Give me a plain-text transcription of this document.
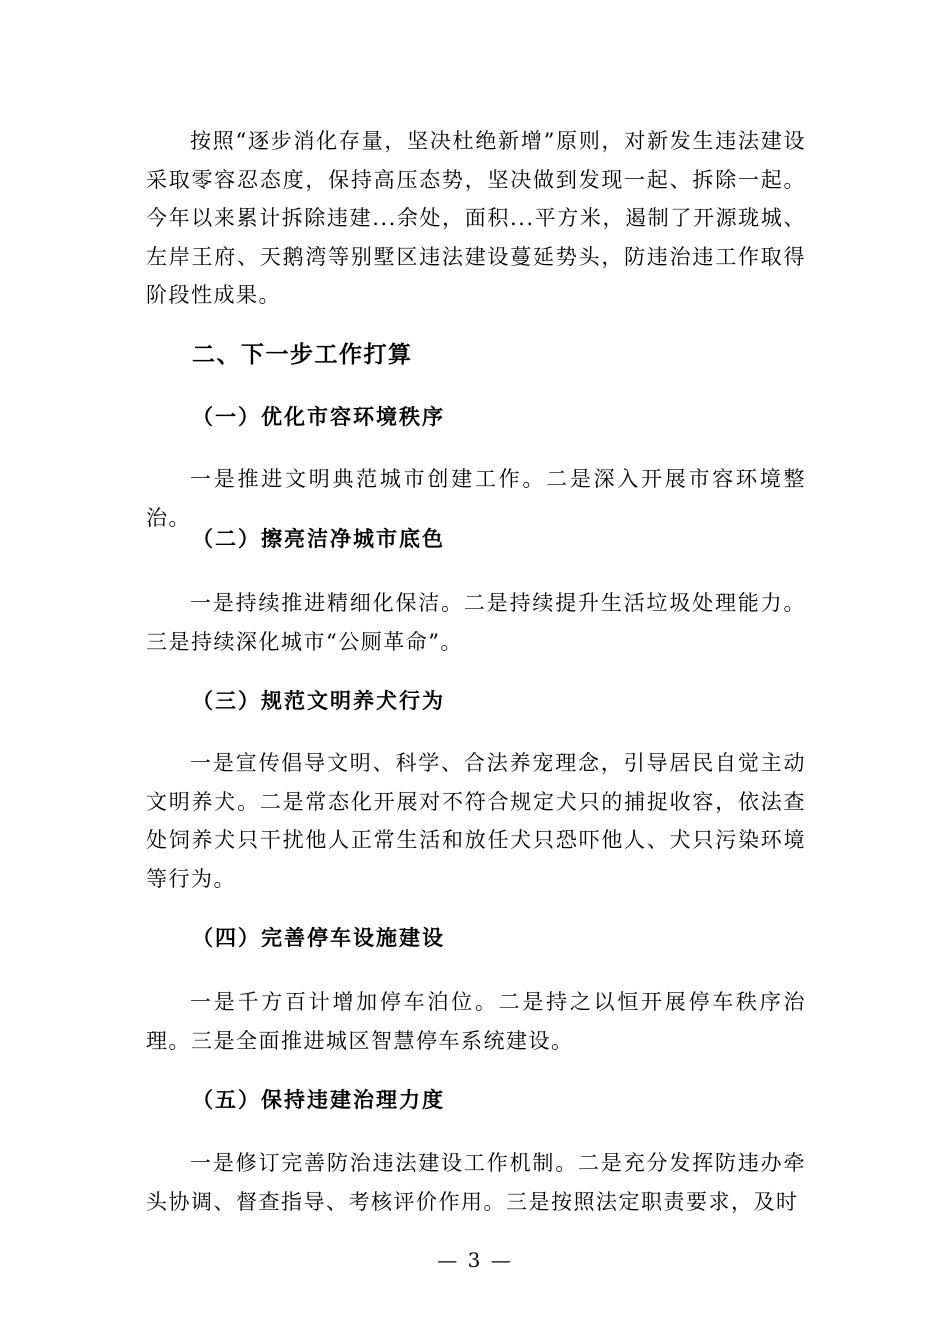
按照“逐步消化存量，坚决杜绝新增”原则，对新发生违法建设采取零容忍态度，保持高压态势，坚决做到发现一起、拆除一起。今年以来累计拆除违建...余处，面积...平方米，遏制了开源珑城、左岸王府、天鹅湾等别墅区违法建设蔓延势头，防违治违工作取得阶段性成果。

二、下一步工作打算
（一）优化市容环境秩序

一是推进文明典范城市创建工作。二是深入开展市容环境整治。

（二）擦亮洁净城市底色

一是持续推进精细化保洁。二是持续提升生活垃圾处理能力。三是持续深化城市“公厕革命”。

（三）规范文明养犬行为

一是宣传倡导文明、科学、合法养宠理念，引导居民自觉主动文明养犬。二是常态化开展对不符合规定犬只的捕捉收容，依法查处饲养犬只干扰他人正常生活和放任犬只恐吓他人、犬只污染环境等行为。

（四）完善停车设施建设

一是千方百计增加停车泊位。二是持之以恒开展停车秩序治理。三是全面推进城区智慧停车系统建设。

（五）保持违建治理力度

一是修订完善防治违法建设工作机制。二是充分发挥防违办牵头协调、督查指导、考核评价作用。三是按照法定职责要求，及时

— 3 —
